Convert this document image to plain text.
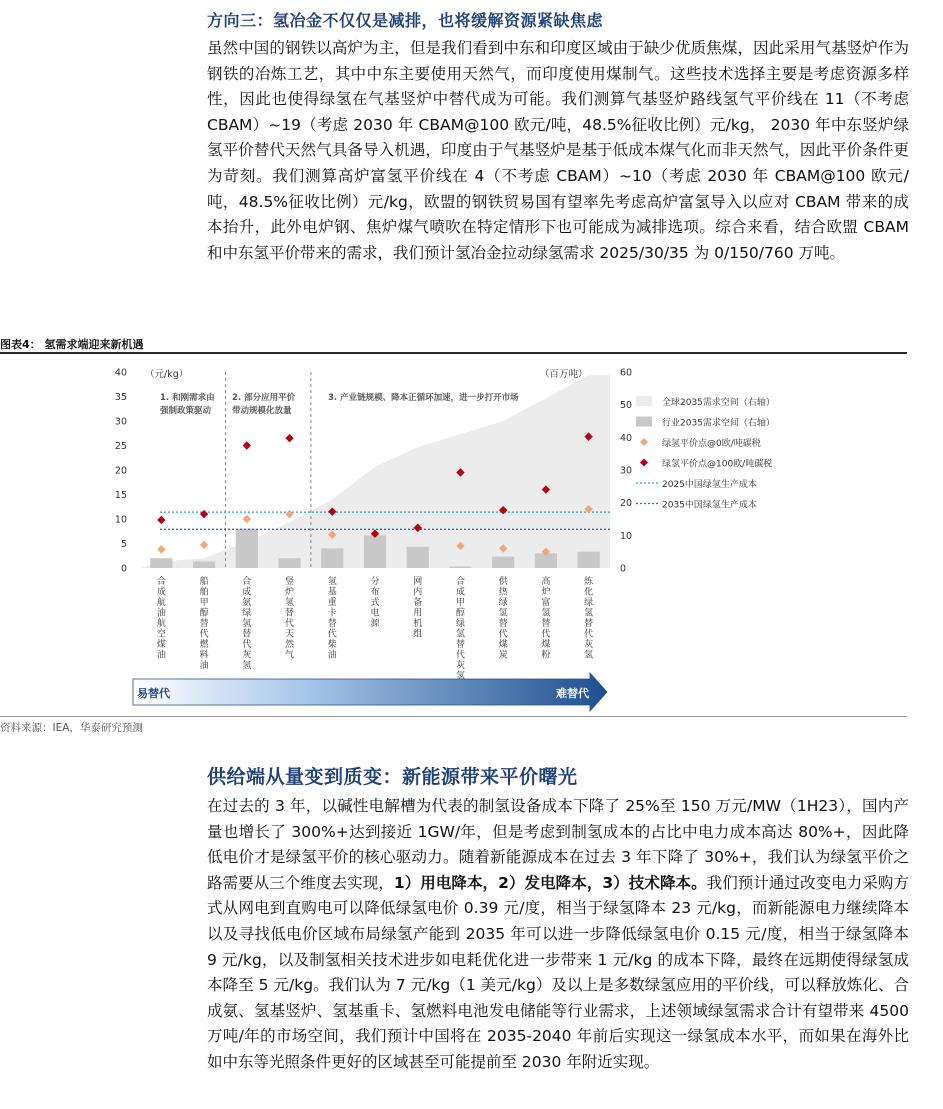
方向三：氢冶金不仅仅是减排，也将缓解资源紧缺焦虑
虽然中国的钢铁以高炉为主，但是我们看到中东和印度区域由于缺少优质焦煤，因此采用气基竖炉作为钢铁的冶炼工艺，其中中东主要使用天然气，而印度使用煤制气。这些技术选择主要是考虑资源多样性，因此也使得绿氢在气基竖炉中替代成为可能。我们测算气基竖炉路线氢气平价线在 11（不考虑 CBAM）~19（考虑 2030 年 CBAM@100 欧元/吨，48.5%征收比例）元/kg， 2030 年中东竖炉绿氢平价替代天然气具备导入机遇，印度由于气基竖炉是基于低成本煤气化而非天然气，因此平价条件更为苛刻。我们测算高炉富氢平价线在 4（不考虑 CBAM）~10（考虑 2030 年 CBAM@100 欧元/吨，48.5%征收比例）元/kg，欧盟的钢铁贸易国有望率先考虑高炉富氢导入以应对 CBAM 带来的成本抬升，此外电炉钢、焦炉煤气喷吹在特定情形下也可能成为减排选项。综合来看，结合欧盟 CBAM 和中东氢平价带来的需求，我们预计氢冶金拉动绿氢需求 2025/30/35 为 0/150/760 万吨。
图表4： 氢需求端迎来新机遇
（元/kg）
0
5
10
15
20
25
30
35
40	（百万吨）
0
10
20
30
40
50
60
1. 和刚需求由
强制政策驱动
2. 部分应用平价
带动规模化放量
3. 产业链规模、降本正循环加速，进一步打开市场
合
成
航
油
航
空
煤
油
船
舶
甲
醇
替
代
燃
料
油
合
成
氨
绿
氢
替
代
灰
氢
竖
炉
氢
替
代
天
然
气
氢
基
重
卡
替
代
柴
油
分
布
式
电
源
网
内
备
用
机
组
合
成
甲
醇
绿
氢
替
代
灰
氢
供
热
绿
氢
替
代
煤
炭
高
炉
富
氢
替
代
煤
粉
炼
化
绿
氢
替
代
灰
氢
全球2035需求空间（右轴）
行业2035需求空间（右轴）
绿氢平价点@0欧/吨碳税
绿氢平价点@100欧/吨碳税
2025中国绿氢生产成本
2035中国绿氢生产成本
易替代	难替代
资料来源：IEA，华泰研究预测
供给端从量变到质变：新能源带来平价曙光
在过去的 3 年，以碱性电解槽为代表的制氢设备成本下降了 25%至 150 万元/MW（1H23），国内产量也增长了 300%+达到接近 1GW/年，但是考虑到制氢成本的占比中电力成本高达 80%+，因此降低电价才是绿氢平价的核心驱动力。随着新能源成本在过去 3 年下降了 30%+，我们认为绿氢平价之路需要从三个维度去实现，1）用电降本，2）发电降本，3）技术降本。我们预计通过改变电力采购方式从网电到直购电可以降低绿氢电价 0.39 元/度，相当于绿氢降本 23 元/kg，而新能源电力继续降本以及寻找低电价区域布局绿氢产能到 2035 年可以进一步降低绿氢电价 0.15 元/度，相当于绿氢降本 9 元/kg，以及制氢相关技术进步如电耗优化进一步带来 1 元/kg 的成本下降，最终在远期使得绿氢成本降至 5 元/kg。我们认为 7 元/kg（1 美元/kg）及以上是多数绿氢应用的平价线，可以释放炼化、合成氨、氢基竖炉、氢基重卡、氢燃料电池发电储能等行业需求，上述领域绿氢需求合计有望带来 4500 万吨/年的市场空间，我们预计中国将在 2035-2040 年前后实现这一绿氢成本水平，而如果在海外比如中东等光照条件更好的区域甚至可能提前至 2030 年附近实现。
